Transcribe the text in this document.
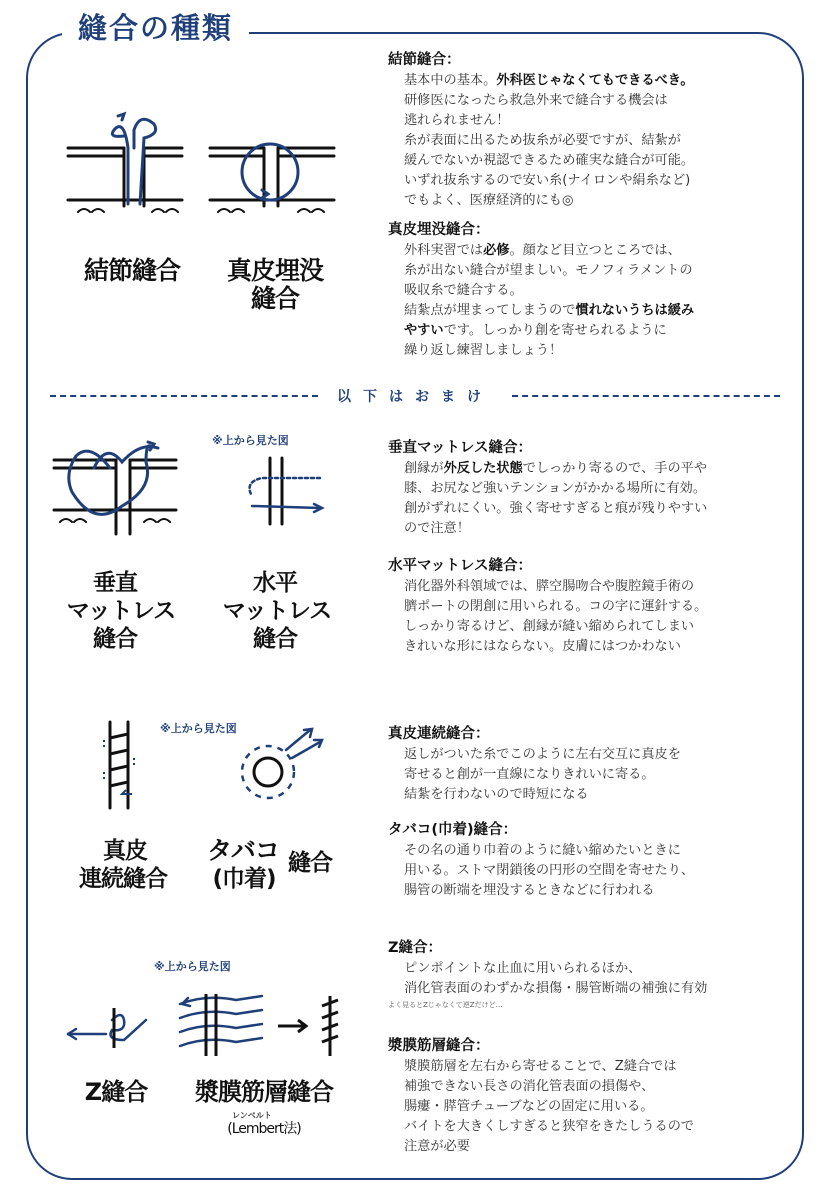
縫合の種類
結節縫合	真皮埋没
縫合
※上から見た図
垂直
マットレス
縫合
水平
マットレス
縫合
※上から見た図
真皮
連続縫合
タバコ
(巾着)
縫合
※上から見た図
Z縫合	漿膜筋層縫合
レンベルト
(Lembert法)
以下はおまけ
結節縫合：
基本中の基本。外科医じゃなくてもできるべき。
研修医になったら救急外来で縫合する機会は
逃れられません！
糸が表面に出るため抜糸が必要ですが、結紮が
緩んでないか視認できるため確実な縫合が可能。
いずれ抜糸するので安い糸(ナイロンや絹糸など)
でもよく、医療経済的にも◎
真皮埋没縫合：
外科実習では必修。顔など目立つところでは、
糸が出ない縫合が望ましい。モノフィラメントの
吸収糸で縫合する。
結紮点が埋まってしまうので慣れないうちは緩み
やすいです。しっかり創を寄せられるように
繰り返し練習しましょう！
垂直マットレス縫合：
創縁が外反した状態でしっかり寄るので、手の平や
膝、お尻など強いテンションがかかる場所に有効。
創がずれにくい。強く寄せすぎると痕が残りやすい
ので注意！
水平マットレス縫合：
消化器外科領域では、膵空腸吻合や腹腔鏡手術の
臍ポートの閉創に用いられる。コの字に運針する。
しっかり寄るけど、創縁が縫い縮められてしまい
きれいな形にはならない。皮膚にはつかわない
真皮連続縫合：
返しがついた糸でこのように左右交互に真皮を
寄せると創が一直線になりきれいに寄る。
結紮を行わないので時短になる
タバコ(巾着)縫合：
その名の通り巾着のように縫い縮めたいときに
用いる。ストマ閉鎖後の円形の空間を寄せたり、
腸管の断端を埋没するときなどに行われる
Z縫合：
ピンポイントな止血に用いられるほか、
消化管表面のわずかな損傷・腸管断端の補強に有効
よく見るとZじゃなくて逆Zだけど…
漿膜筋層縫合：
漿膜筋層を左右から寄せることで、Z縫合では
補強できない長さの消化管表面の損傷や、
腸瘻・膵管チューブなどの固定に用いる。
バイトを大きくしすぎると狭窄をきたしうるので
注意が必要
